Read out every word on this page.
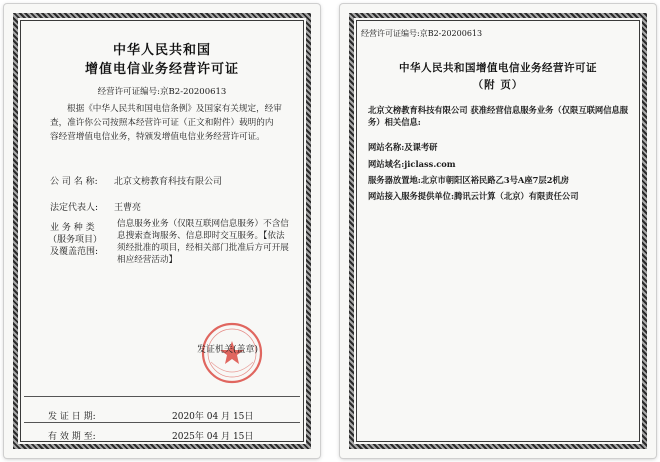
中华人民共和国
增值电信业务经营许可证
经营许可证编号:京B2-20200613
根据《中华人民共和国电信条例》及国家有关规定，经审查，准许你公司按照本经营许可证（正文和附件）载明的内容经营增值电信业务，特颁发增值电信业务经营许可证。
公 司 名 称: 北京文榜教育科技有限公司
法定代表人: 王曹亮
业 务 种 类
（服务项目）
及覆盖范围:
信息服务业务（仅限互联网信息服务）不含信息搜索查询服务、信息即时交互服务。【依法须经批准的项目，经相关部门批准后方可开展相应经营活动】
发证机关(盖章)
发 证 日 期:	2020年 04 月 15日
有 效 期 至:	2025年 04 月 15日
经营许可证编号:京B2-20200613
中华人民共和国增值电信业务经营许可证
（附 页）
北京文榜教育科技有限公司 获准经营信息服务业务（仅限互联网信息服务）相关信息:
网站名称:及课考研
网站域名:jiclass.com
服务器放置地:北京市朝阳区裕民路乙3号A座7层2机房
网站接入服务提供单位:腾讯云计算（北京）有限责任公司
